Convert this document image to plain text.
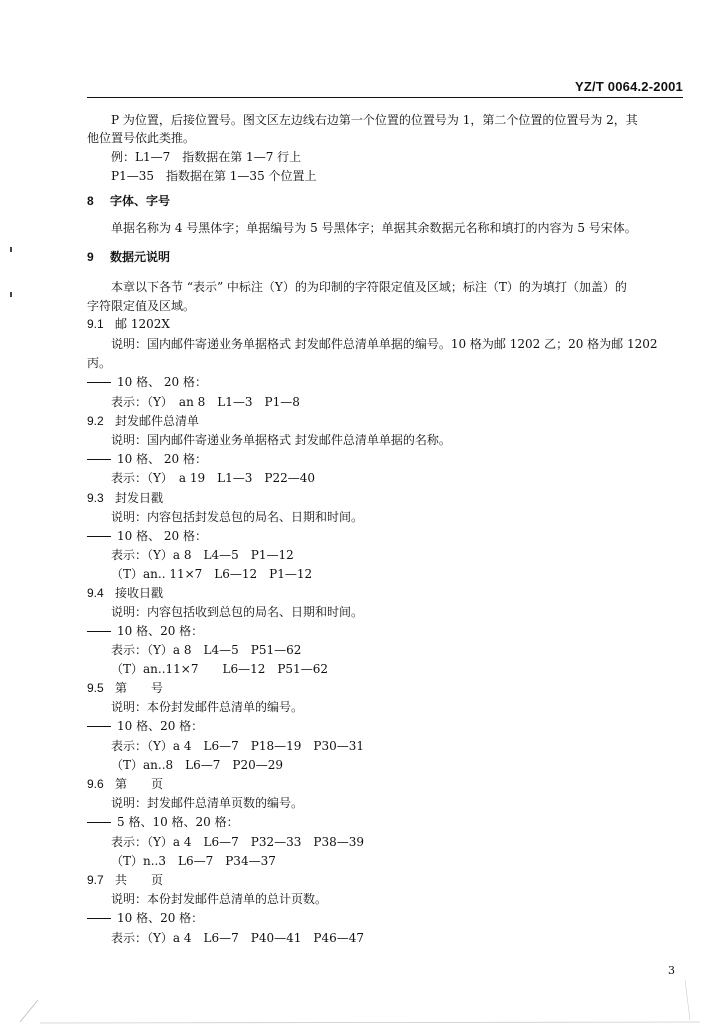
YZ/T 0064.2-2001
P 为位置，后接位置号。图文区左边线右边第一个位置的位置号为 1，第二个位置的位置号为 2，其
他位置号依此类推。
例：L1—7　指数据在第 1—7 行上
P1—35　指数据在第 1—35 个位置上
8 字体、字号
单据名称为 4 号黑体字；单据编号为 5 号黑体字；单据其余数据元名称和填打的内容为 5 号宋体。
9 数据元说明
本章以下各节 “表示” 中标注（Y）的为印制的字符限定值及区域；标注（T）的为填打（加盖）的
字符限定值及区域。
9.1 邮 1202X
说明：国内邮件寄递业务单据格式 封发邮件总清单单据的编号。10 格为邮 1202 乙；20 格为邮 1202
丙。
10 格、 20 格：
表示：（Y）　an 8　L1—3　P1—8
9.2 封发邮件总清单
说明：国内邮件寄递业务单据格式 封发邮件总清单单据的名称。
10 格、 20 格：
表示：（Y）　a 19　L1—3　P22—40
9.3 封发日戳
说明：内容包括封发总包的局名、日期和时间。
10 格、 20 格：
表示：（Y）a 8　L4—5　P1—12
（T）an.. 11×7　L6—12　P1—12
9.4 接收日戳
说明：内容包括收到总包的局名、日期和时间。
10 格、20 格：
表示：（Y）a 8　L4—5　P51—62
（T）an..11×7　　L6—12　P51—62
9.5 第　　号
说明：本份封发邮件总清单的编号。
10 格、20 格：
表示：（Y）a 4　L6—7　P18—19　P30—31
（T）an..8　L6—7　P20—29
9.6 第　　页
说明：封发邮件总清单页数的编号。
5 格、10 格、20 格：
表示：（Y）a 4　L6—7　P32—33　P38—39
（T）n..3　L6—7　P34—37
9.7 共　　页
说明：本份封发邮件总清单的总计页数。
10 格、20 格：
表示：（Y）a 4　L6—7　P40—41　P46—47
3
